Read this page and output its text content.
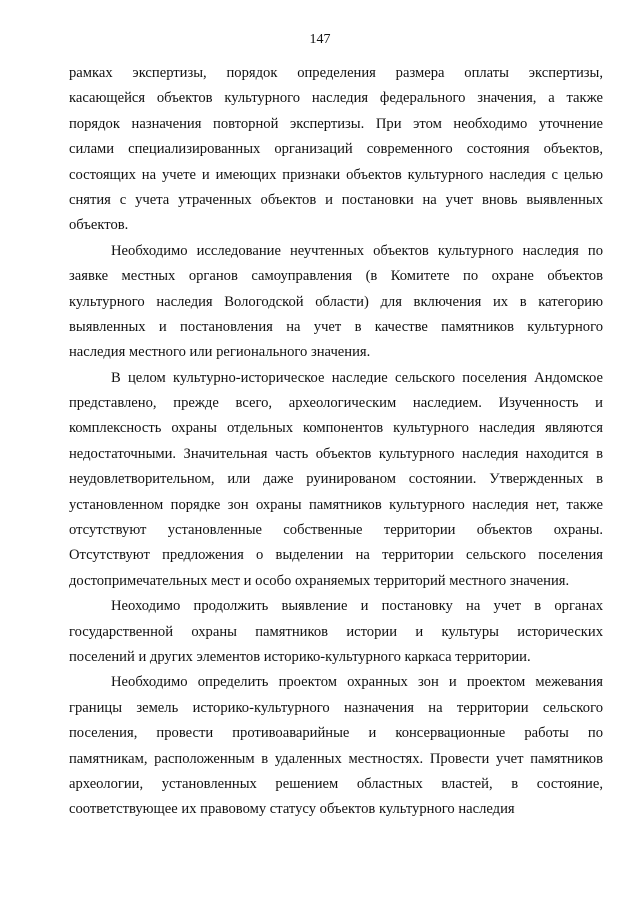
147
рамках экспертизы, порядок определения размера оплаты экспертизы,
касающейся объектов культурного наследия федерального значения, а также
порядок назначения повторной экспертизы. При этом необходимо уточнение
силами специализированных организаций современного состояния объектов,
состоящих на учете и имеющих признаки объектов культурного наследия с целью
снятия с учета утраченных объектов и постановки на учет вновь выявленных
объектов.
Необходимо исследование неучтенных объектов культурного наследия по
заявке местных органов самоуправления (в Комитете по охране объектов
культурного наследия Вологодской области) для включения их в категорию
выявленных и постановления на учет в качестве памятников культурного
наследия местного или регионального значения.
В целом культурно-историческое наследие сельского поселения Андомское
представлено, прежде всего, археологическим наследием. Изученность и
комплексность охраны отдельных компонентов культурного наследия являются
недостаточными. Значительная часть объектов культурного наследия находится в
неудовлетворительном, или даже руинированом состоянии. Утвержденных в
установленном порядке зон охраны памятников культурного наследия нет, также
отсутствуют установленные собственные территории объектов охраны.
Отсутствуют предложения о выделении на территории сельского поселения
достопримечательных мест и особо охраняемых территорий местного значения.
Неоходимо продолжить выявление и постановку на учет в органах
государственной охраны памятников истории и культуры исторических
поселений и других элементов историко-культурного каркаса территории.
Необходимо определить проектом охранных зон и проектом межевания
границы земель историко-культурного назначения на территории сельского
поселения, провести противоаварийные и консервационные работы по
памятникам, расположенным в удаленных местностях. Провести учет памятников
археологии, установленных решением областных властей, в состояние,
соответствующее их правовому статусу объектов культурного наследия
